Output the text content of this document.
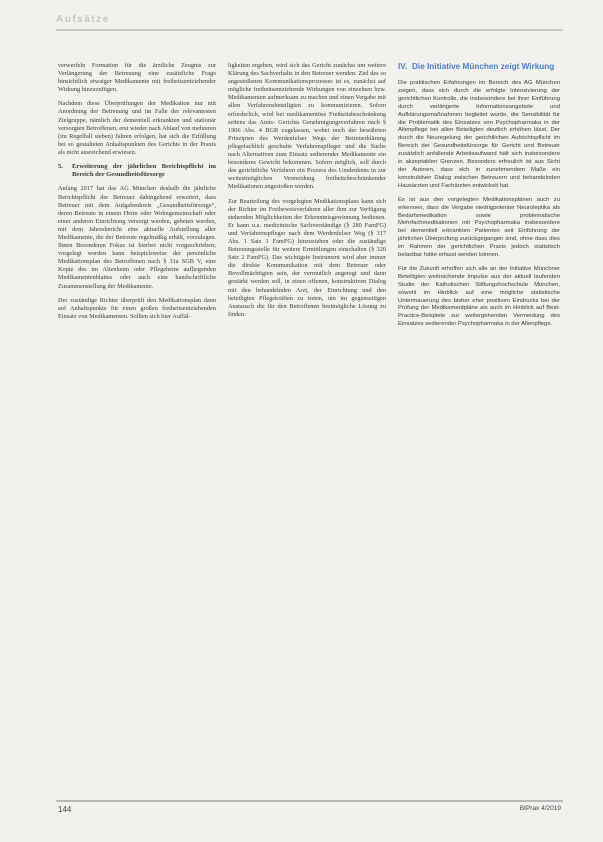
Aufsätze

verwerfeln Formation für die ärztliche Zeugnis zur Verlängerung der Betreuung eine zusätzliche Frage hinsichtlich etwaiger Medikamente mit freiheitsentziehender Wirkung hinzuzufügen.

Nachdem diese Überprüfungen der Medikation nur mit Anordnung der Betreuung und im Falle der relevantesten Zielgruppe, nämlich der dementiell erkrankten und stationär versorgten Betroffenen, erst wieder nach Ablauf von mehreren (im Regelfall sieben) Jahren erfolgen, hat sich die Erfüllung bei so gestalteten Anhaltspunkten des Gerichts in der Praxis als nicht ausreichend erwiesen.

5.	Erweiterung der jährlichen Berichtspflicht im Bereich der Gesundheitsfürsorge

Anfang 2017 hat das AG München deshalb die jährliche Berichtspflicht der Betreuer dahingehend erweitert, dass Betreuer mit dem Aufgabenkreis „Gesundheitsfürsorge“, deren Betreute in einem Heim oder Wohngemeinschaft oder einer anderen Einrichtung versorgt werden, gebeten werden, mit dem Jahresbericht eine aktuelle Aufstellung aller Medikamente, die der Betreute regelmäßig erhält, vorzulegen. Ihnen Besonderen Fokus ist hierbei nicht vorgeschrieben; vorgelegt werden kann beispielsweise der persönliche Medikationsplan des Betroffenen nach § 31a SGB V, eine Kopie des im Altenheim oder Pflegeheim aufliegenden Medikamentenblattes oder auch eine handschriftliche Zusammenstellung der Medikamente.

Der zuständige Richter überprüft den Medikationsplan dann auf Anhaltspunkte für einen großen freiheitsentziehenden Einsatz von Medikamenten. Sollten sich hier Auffäl-

ligkeiten ergeben, wird sich das Gericht zunächst um weitere Klärung des Sachverhalts in den Betreuer wenden. Ziel des so angestoßenen Kommunikationsprozesses ist es, zunächst auf mögliche freiheitsentziehende Wirkungen von einzelnen bzw. Medikamenten aufmerksam zu machen und einen Vergabe mit allen Verfahrensbeteiligten zu kommunizieren. Sofern erforderlich, wird bei medikamentöse Freiheitsbeschränkung seitens das Amts- Gerichts Genehmigungsverfahren nach § 1906 Abs. 4 BGB zugelassen, wobei noch der bewährten Prinzipien des Werdenfelser Wegs der Betreuerklärung pflegefachlich geschulte Verfahrenspfleger und die Suche nach Alternativen zum Einsatz sedierender Medikamente ein besonderes Gewicht bekommen. Sofern möglich, soll durch das gerichtliche Verfahren ein Prozess des Umdenkens in zur weitestmöglichen Vermeidung freiheitsbeschränkender Medikationen angestoßen werden.

Zur Beurteilung des vorgelegten Medikationsplans kann sich der Richter im Freibeweisverfahren aller ihm zur Verfügung stehenden Möglichkeiten der Erkenntnisgewinnung bedienen. Er kann u.a. medizinische Sachverständige (§ 280 FamFG) und Verfahrenspfleger nach dem Werdenfelser Weg (§ 317 Abs. 1 Satz 1 FamFG) hinzuziehen oder die zuständige Betreuungsstelle für weitere Ermittlungen einschalten (§ 320 Satz 2 FamFG). Das wichtigste Instrument wird aber immer die direkte Kommunikation mit dem Betreuer oder Bevollmächtigten sein, der vermutlich angeregt und dann gestärkt werden soll, in einen offenen, konstruktiven Dialog mit den behandelnden Arzt, der Einrichtung und den beteiligten Pflegekräften zu treten, um im gegenseitigen Austausch die für den Betroffenen bestmögliche Lösung zu finden.

IV. Die Initiative München zeigt Wirkung

Die praktischen Erfahrungen im Bereich des AG München zeigen, dass sich durch die erfolgte Intensivierung der gerichtlichen Kontrolle, die insbesondere bei ihrer Einführung durch verlängerte Informationsangebote und Aufklärungsmaßnahmen begleitet wurde, die Sensibilität für die Problematik des Einsatzes von Psychopharmaka in der Altenpflege bei allen Beteiligten deutlich erhöhen lässt. Der durch die Neuregelung der gerichtlichen Aufsichtspflicht im Bereich der Gesundheitsfürsorge für Gericht und Betreuer zusätzlich anfallende Arbeitsaufwand hält sich insbesondere in akzeptablen Grenzen. Besonders erfreulich ist aus Sicht der Autoren, dass sich in zunehmendem Maße ein konstruktiver Dialog zwischen Betreuern und behandelnden Hausärzten und Fachärzten entwickelt hat.

Es ist aus den vorgelegten Medikationsplänen auch zu erkennen, dass die Vergabe niedrigpotenter Neuroleptika als Bedarfsmedikation sowie problematische Mehrfachmedikationen mit Psychopharmaka insbesondere bei dementiell erkrankten Patienten seit Einführung der jährlichen Überprüfung zurückgegangen sind, ohne dass dies im Rahmen der gerichtlichen Praxis jedoch statistisch belastbar hätte erfasst werden können.

Für die Zukunft erhoffen sich alle an der Initiative Münchner Beteiligten weitreichende Impulse aus der aktuell laufenden Studie der Katholischen Stiftungshochschule München, sowohl im Hinblick auf eine mögliche statistische Untermauerung des bisher eher positiven Eindrucks bei der Prüfung der Medikamentpläne als auch im Hinblick auf Best-Practice-Beispiele zur weitergehenden Vermeidung des Einsatzes sedierender Psychopharmaka in der Altenpflege.

144	BtPrax 4/2019
